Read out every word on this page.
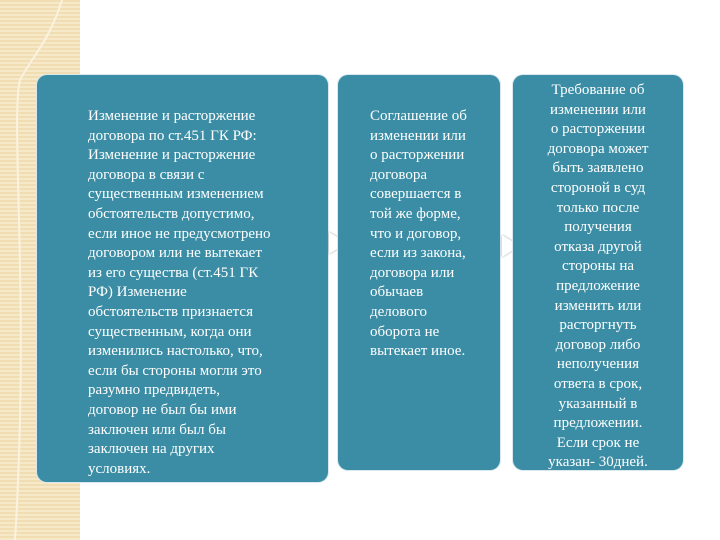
Изменение и расторжение
договора по ст.451 ГК РФ:
Изменение и расторжение
договора в связи с
существенным изменением
обстоятельств допустимо,
если иное не предусмотрено
договором или не вытекает
из его существа (ст.451 ГК
РФ) Изменение
обстоятельств признается
существенным, когда они
изменились настолько, что,
если бы стороны могли это
разумно предвидеть,
договор не был бы ими
заключен или был бы
заключен на других
условиях.

Соглашение об
изменении или
о расторжении
договора
совершается в
той же форме,
что и договор,
если из закона,
договора или
обычаев
делового
оборота не
вытекает иное.

Требование об
изменении или
о расторжении
договора может
быть заявлено
стороной в суд
только после
получения
отказа другой
стороны на
предложение
изменить или
расторгнуть
договор либо
неполучения
ответа в срок,
указанный в
предложении.
Если срок не
указан- 30дней.
